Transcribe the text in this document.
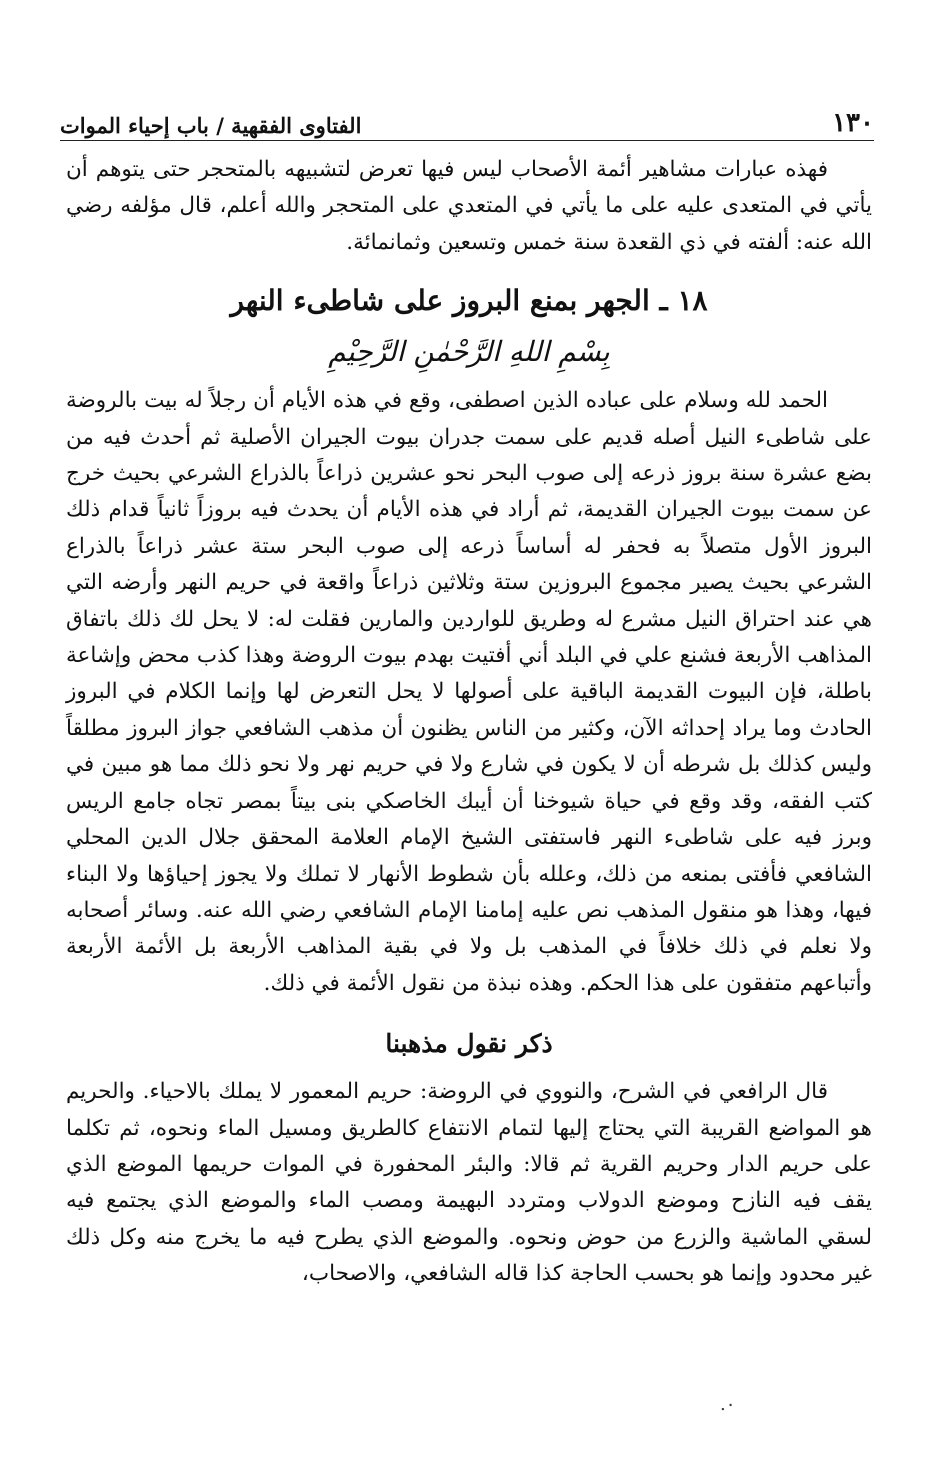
١٣٠
الفتاوى الفقهية / باب إحياء الموات

فهذه عبارات مشاهير أئمة الأصحاب ليس فيها تعرض لتشبيهه بالمتحجر حتى يتوهم أن يأتي في المتعدى عليه على ما يأتي في المتعدي على المتحجر والله أعلم، قال مؤلفه رضي الله عنه: ألفته في ذي القعدة سنة خمس وتسعين وثمانمائة.

١٨ ـ الجهر بمنع البروز على شاطىء النهر
بِسْمِ اللهِ الرَّحْمٰنِ الرَّحِيْمِ

الحمد لله وسلام على عباده الذين اصطفى، وقع في هذه الأيام أن رجلاً له بيت بالروضة على شاطىء النيل أصله قديم على سمت جدران بيوت الجيران الأصلية ثم أحدث فيه من بضع عشرة سنة بروز ذرعه إلى صوب البحر نحو عشرين ذراعاً بالذراع الشرعي بحيث خرج عن سمت بيوت الجيران القديمة، ثم أراد في هذه الأيام أن يحدث فيه بروزاً ثانياً قدام ذلك البروز الأول متصلاً به فحفر له أساساً ذرعه إلى صوب البحر ستة عشر ذراعاً بالذراع الشرعي بحيث يصير مجموع البروزين ستة وثلاثين ذراعاً واقعة في حريم النهر وأرضه التي هي عند احتراق النيل مشرع له وطريق للواردين والمارين فقلت له: لا يحل لك ذلك باتفاق المذاهب الأربعة فشنع علي في البلد أني أفتيت بهدم بيوت الروضة وهذا كذب محض وإشاعة باطلة، فإن البيوت القديمة الباقية على أصولها لا يحل التعرض لها وإنما الكلام في البروز الحادث وما يراد إحداثه الآن، وكثير من الناس يظنون أن مذهب الشافعي جواز البروز مطلقاً وليس كذلك بل شرطه أن لا يكون في شارع ولا في حريم نهر ولا نحو ذلك مما هو مبين في كتب الفقه، وقد وقع في حياة شيوخنا أن أيبك الخاصكي بنى بيتاً بمصر تجاه جامع الريس وبرز فيه على شاطىء النهر فاستفتى الشيخ الإمام العلامة المحقق جلال الدين المحلي الشافعي فأفتى بمنعه من ذلك، وعلله بأن شطوط الأنهار لا تملك ولا يجوز إحياؤها ولا البناء فيها، وهذا هو منقول المذهب نص عليه إمامنا الإمام الشافعي رضي الله عنه. وسائر أصحابه ولا نعلم في ذلك خلافاً في المذهب بل ولا في بقية المذاهب الأربعة بل الأئمة الأربعة وأتباعهم متفقون على هذا الحكم. وهذه نبذة من نقول الأئمة في ذلك.

ذكر نقول مذهبنا

قال الرافعي في الشرح، والنووي في الروضة: حريم المعمور لا يملك بالاحياء. والحريم هو المواضع القريبة التي يحتاج إليها لتمام الانتفاع كالطريق ومسيل الماء ونحوه، ثم تكلما على حريم الدار وحريم القرية ثم قالا: والبئر المحفورة في الموات حريمها الموضع الذي يقف فيه النازح وموضع الدولاب ومتردد البهيمة ومصب الماء والموضع الذي يجتمع فيه لسقي الماشية والزرع من حوض ونحوه. والموضع الذي يطرح فيه ما يخرج منه وكل ذلك غير محدود وإنما هو بحسب الحاجة كذا قاله الشافعي، والاصحاب،

٠.
